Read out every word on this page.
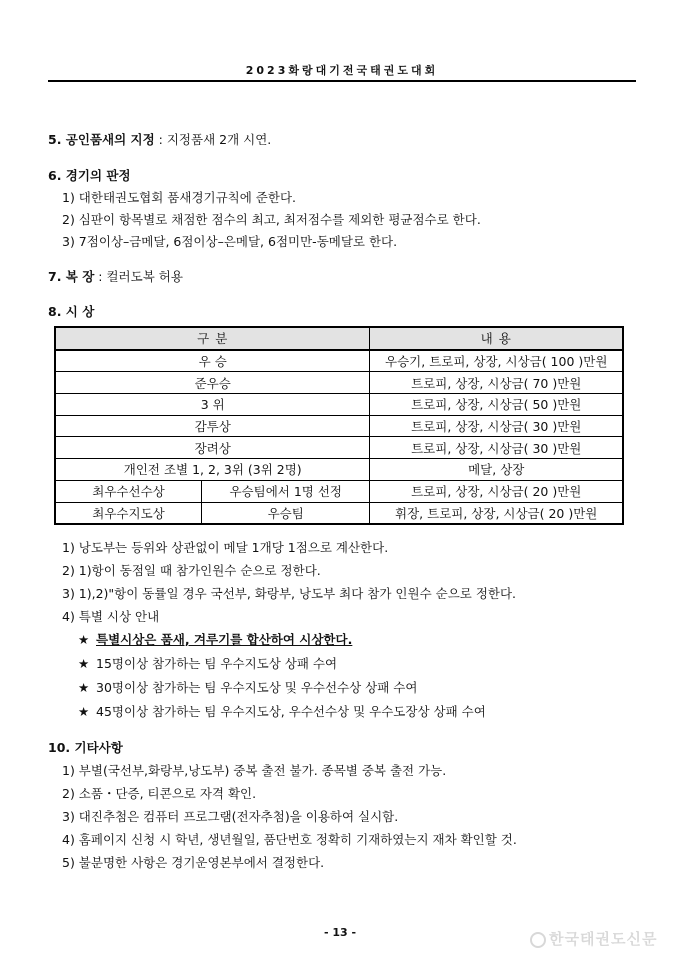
2023화랑대기전국태권도대회
5. 공인품새의 지정 : 지정품새 2개 시연.
6. 경기의 판정
1) 대한태권도협회 품새경기규칙에 준한다.
2) 심판이 항목별로 채점한 점수의 최고, 최저점수를 제외한 평균점수로 한다.
3) 7점이상–금메달, 6점이상–은메달, 6점미만-동메달로 한다.
7. 복 장 : 컬러도복 허용
8. 시 상
구 분		내 용
우 승		우승기, 트로피, 상장, 시상금( 100 )만원
준우승		트로피, 상장, 시상금( 70 )만원
3 위		트로피, 상장, 시상금( 50 )만원
감투상		트로피, 상장, 시상금( 30 )만원
장려상		트로피, 상장, 시상금( 30 )만원
개인전 조별 1, 2, 3위 (3위 2명)		메달, 상장
최우수선수상	우승팀에서 1명 선정	트로피, 상장, 시상금( 20 )만원
최우수지도상	우승팀	휘장, 트로피, 상장, 시상금( 20 )만원
1) 낭도부는 등위와 상관없이 메달 1개당 1점으로 계산한다.
2) 1)항이 동점일 때 참가인원수 순으로 정한다.
3) 1),2)"항이 동률일 경우 국선부, 화랑부, 낭도부 최다 참가 인원수 순으로 정한다.
4) 특별 시상 안내
★ 특별시상은 품새, 겨루기를 합산하여 시상한다.
★ 15명이상 참가하는 팀 우수지도상 상패 수여
★ 30명이상 참가하는 팀 우수지도상 및 우수선수상 상패 수여
★ 45명이상 참가하는 팀 우수지도상, 우수선수상 및 우수도장상 상패 수여
10. 기타사항
1) 부별(국선부,화랑부,낭도부) 중복 출전 불가. 종목별 중복 출전 가능.
2) 소품・단증, 티콘으로 자격 확인.
3) 대진추첨은 컴퓨터 프로그램(전자추첨)을 이용하여 실시함.
4) 홈페이지 신청 시 학년, 생년월일, 품단번호 정확히 기재하였는지 재차 확인할 것.
5) 불분명한 사항은 경기운영본부에서 결정한다.
- 13 -	한국태권도신문
